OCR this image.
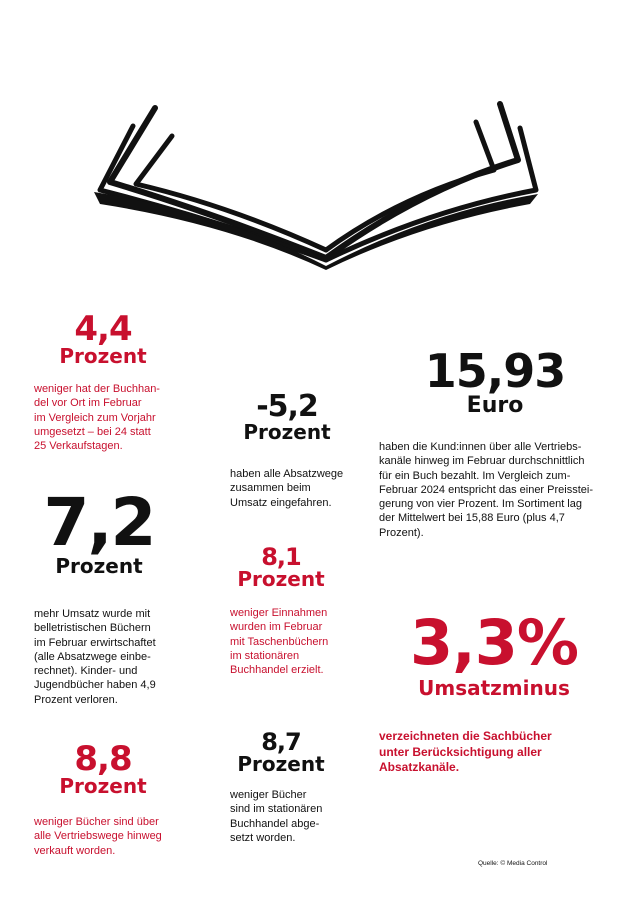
4,4
Prozent
weniger hat der Buchhan-
del vor Ort im Februar
im Vergleich zum Vorjahr
umgesetzt – bei 24 statt
25 Verkaufstagen.
-5,2
Prozent
haben alle Absatzwege
zusammen beim
Umsatz eingefahren.
15,93
Euro
haben die Kund:innen über alle Vertriebs-
kanäle hinweg im Februar durchschnittlich
für ein Buch bezahlt. Im Vergleich zum-
Februar 2024 entspricht das einer Preisstei-
gerung von vier Prozent. Im Sortiment lag
der Mittelwert bei 15,88 Euro (plus 4,7
Prozent).
7,2
Prozent
mehr Umsatz wurde mit
belletristischen Büchern
im Februar erwirtschaftet
(alle Absatzwege einbe-
rechnet). Kinder- und
Jugendbücher haben 4,9
Prozent verloren.
8,1
Prozent
weniger Einnahmen
wurden im Februar
mit Taschenbüchern
im stationären
Buchhandel erzielt.	3,3%
Umsatzminus
verzeichneten die Sachbücher
unter Berücksichtigung aller
Absatzkanäle.
8,8
Prozent
weniger Bücher sind über
alle Vertriebswege hinweg
verkauft worden.
8,7
Prozent
weniger Bücher
sind im stationären
Buchhandel abge-
setzt worden.
Quelle: © Media Control
